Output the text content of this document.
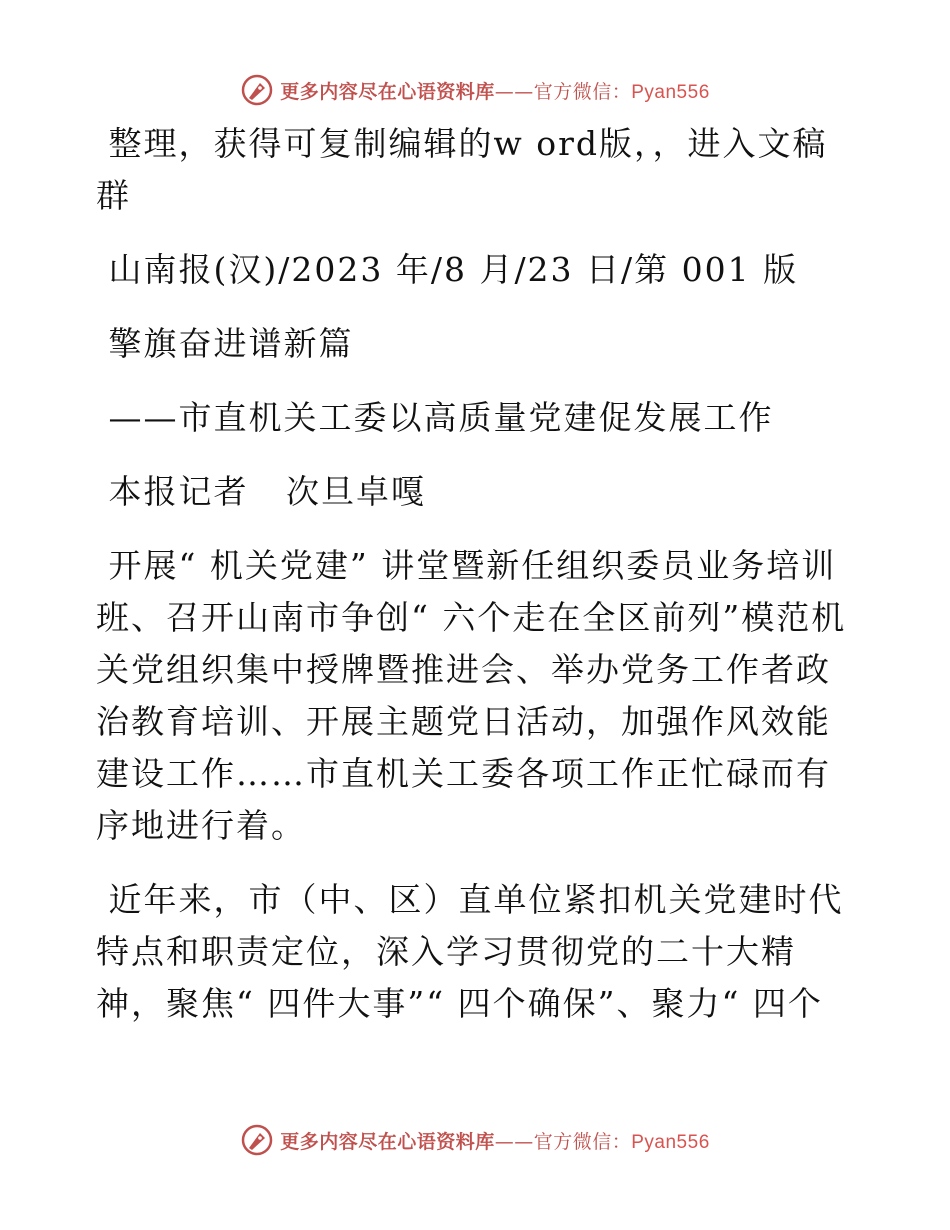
更多内容尽在心语资料库——官方微信：Pyan556

整理，获得可复制编辑的w ord版，，进入文稿群

山南报(汉)/2023 年/8 月/23 日/第 001 版

擎旗奋进谱新篇

——市直机关工委以高质量党建促发展工作

本报记者   次旦卓嘎

开展“ 机关党建” 讲堂暨新任组织委员业务培训班、召开山南市争创“ 六个走在全区前列”模范机关党组织集中授牌暨推进会、举办党务工作者政治教育培训、开展主题党日活动，加强作风效能建设工作……市直机关工委各项工作正忙碌而有序地进行着。

近年来，市（中、区）直单位紧扣机关党建时代特点和职责定位，深入学习贯彻党的二十大精神，聚焦“ 四件大事”“ 四个确保”、聚力“ 四个

更多内容尽在心语资料库——官方微信：Pyan556
